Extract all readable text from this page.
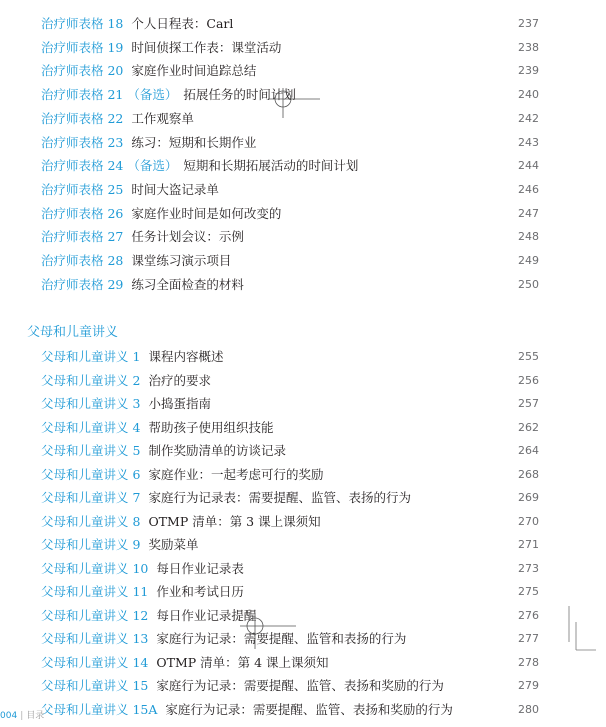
治疗师表格 18 个人日程表：Carl	237
治疗师表格 19 时间侦探工作表：课堂活动	238
治疗师表格 20 家庭作业时间追踪总结	239
治疗师表格 21 （备选） 拓展任务的时间计划	240
治疗师表格 22 工作观察单	242
治疗师表格 23 练习：短期和长期作业	243
治疗师表格 24 （备选） 短期和长期拓展活动的时间计划	244
治疗师表格 25 时间大盗记录单	246
治疗师表格 26 家庭作业时间是如何改变的	247
治疗师表格 27 任务计划会议：示例	248
治疗师表格 28 课堂练习演示项目	249
治疗师表格 29 练习全面检查的材料	250
父母和儿童讲义
父母和儿童讲义 1 课程内容概述	255
父母和儿童讲义 2 治疗的要求	256
父母和儿童讲义 3 小捣蛋指南	257
父母和儿童讲义 4 帮助孩子使用组织技能	262
父母和儿童讲义 5 制作奖励清单的访谈记录	264
父母和儿童讲义 6 家庭作业：一起考虑可行的奖励	268
父母和儿童讲义 7 家庭行为记录表：需要提醒、监管、表扬的行为	269
父母和儿童讲义 8 OTMP 清单：第 3 课上课须知	270
父母和儿童讲义 9 奖励菜单	271
父母和儿童讲义 10 每日作业记录表	273
父母和儿童讲义 11 作业和考试日历	275
父母和儿童讲义 12 每日作业记录提醒	276
父母和儿童讲义 13 家庭行为记录：需要提醒、监管和表扬的行为	277
父母和儿童讲义 14 OTMP 清单：第 4 课上课须知	278
父母和儿童讲义 15 家庭行为记录：需要提醒、监管、表扬和奖励的行为	279
父母和儿童讲义 15A 家庭行为记录：需要提醒、监管、表扬和奖励的行为	280
004 | 目录
